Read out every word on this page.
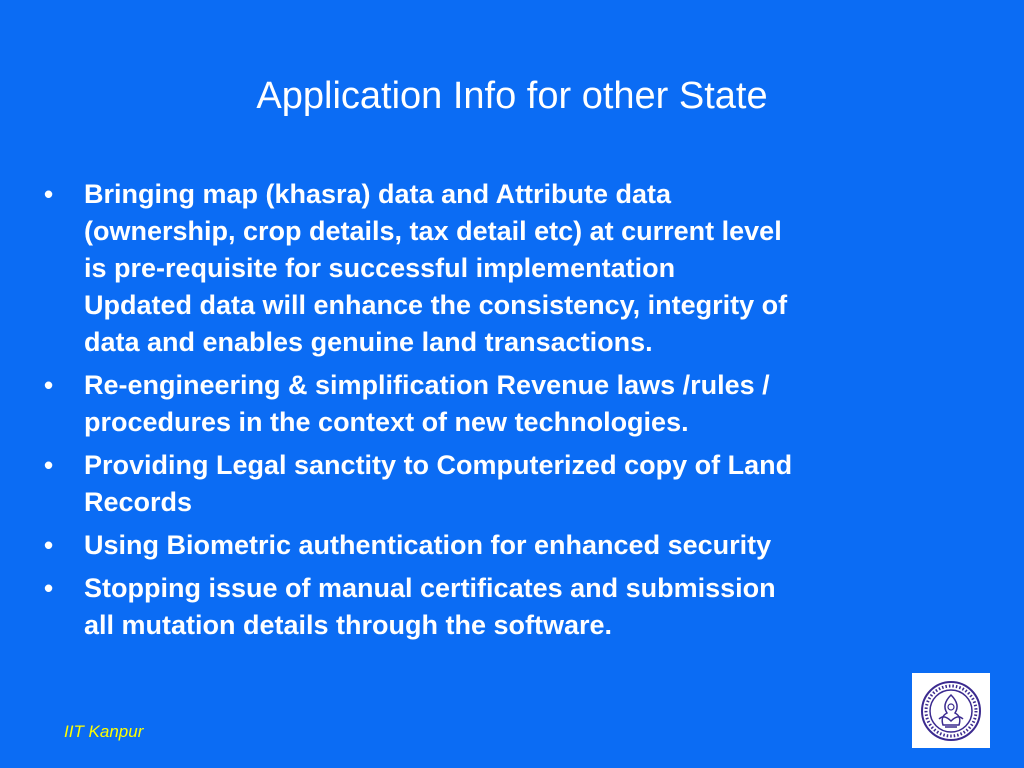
Application Info for other State
•	Bringing map (khasra) data and Attribute data
(ownership, crop details, tax detail etc) at current level
is pre-requisite for successful implementation
Updated data will enhance the consistency, integrity of
data and enables genuine land transactions.
•	Re-engineering & simplification Revenue laws /rules /
procedures in the context of new technologies.
•	Providing Legal sanctity to Computerized copy of Land
Records
•	Using Biometric authentication for enhanced security
•	Stopping issue of manual certificates and submission
all mutation details through the software.
IIT Kanpur
